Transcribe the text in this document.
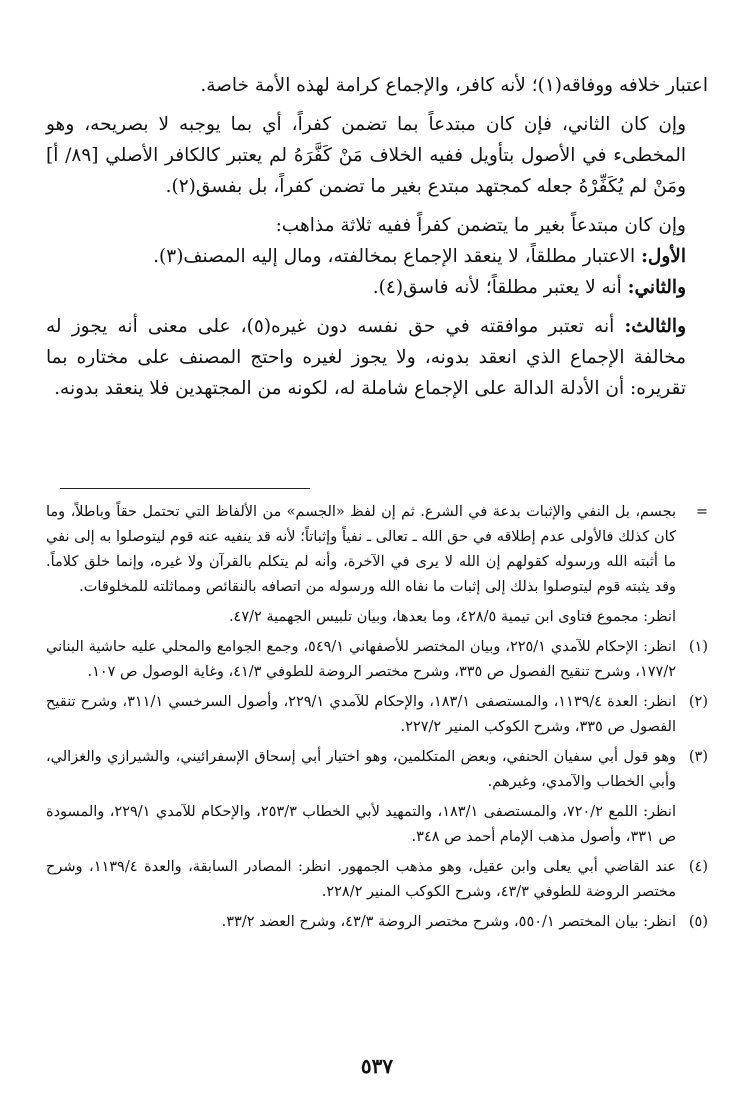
اعتبار خلافه ووفاقه(١)؛ لأنه كافر، والإجماع كرامة لهذه الأمة خاصة.

وإن كان الثاني، فإن كان مبتدعاً بما تضمن كفراً، أي بما يوجبه لا بصريحه، وهو المخطىء في الأصول بتأويل ففيه الخلاف مَنْ كَفَّرَهُ لم يعتبر كالكافر الأصلي [٨٩/ أ] ومَنْ لم يُكَفِّرْهُ جعله كمجتهد مبتدع بغير ما تضمن كفراً، بل بفسق(٢).

وإن كان مبتدعاً بغير ما يتضمن كفراً ففيه ثلاثة مذاهب:

الأول: الاعتبار مطلقاً، لا ينعقد الإجماع بمخالفته، ومال إليه المصنف(٣).

والثاني: أنه لا يعتبر مطلقاً؛ لأنه فاسق(٤).

والثالث: أنه تعتبر موافقته في حق نفسه دون غيره(٥)، على معنى أنه يجوز له مخالفة الإجماع الذي انعقد بدونه، ولا يجوز لغيره واحتج المصنف على مختاره بما تقريره: أن الأدلة الدالة على الإجماع شاملة له، لكونه من المجتهدين فلا ينعقد بدونه.

=

بجسم، بل النفي والإثبات بدعة في الشرع. ثم إن لفظ «الجسم» من الألفاظ التي تحتمل حقاً وباطلاً، وما كان كذلك فالأولى عدم إطلاقه في حق الله ـ تعالى ـ نفياً وإثباتاً؛ لأنه قد ينفيه عنه قوم ليتوصلوا به إلى نفي ما أثبته الله ورسوله كقولهم إن الله لا يرى في الآخرة، وأنه لم يتكلم بالقرآن ولا غيره، وإنما خلق كلاماً. وقد يثبته قوم ليتوصلوا بذلك إلى إثبات ما نفاه الله ورسوله من اتصافه بالنقائص ومماثلته للمخلوقات.

انظر: مجموع فتاوى ابن تيمية ٤٢٨/٥، وما بعدها، وبيان تلبيس الجهمية ٤٧/٢.

(١)

انظر: الإحكام للآمدي ٢٢٥/١، وبيان المختصر للأصفهاني ٥٤٩/١، وجمع الجوامع والمحلي عليه حاشية البناني ١٧٧/٢، وشرح تنقيح الفصول ص ٣٣٥، وشرح مختصر الروضة للطوفي ٤١/٣، وغاية الوصول ص ١٠٧.

(٢)

انظر: العدة ١١٣٩/٤، والمستصفى ١٨٣/١، والإحكام للآمدي ٢٢٩/١، وأصول السرخسي ٣١١/١، وشرح تنقيح الفصول ص ٣٣٥، وشرح الكوكب المنير ٢٢٧/٢.

(٣)

وهو قول أبي سفيان الحنفي، وبعض المتكلمين، وهو اختيار أبي إسحاق الإسفرائيني، والشيرازي والغزالي، وأبي الخطاب والآمدي، وغيرهم.

انظر: اللمع ٧٢٠/٢، والمستصفى ١٨٣/١، والتمهيد لأبي الخطاب ٢٥٣/٣، والإحكام للآمدي ٢٢٩/١، والمسودة ص ٣٣١، وأصول مذهب الإمام أحمد ص ٣٤٨.

(٤)

عند القاضي أبي يعلى وابن عقيل، وهو مذهب الجمهور. انظر: المصادر السابقة، والعدة ١١٣٩/٤، وشرح مختصر الروضة للطوفي ٤٣/٣، وشرح الكوكب المنير ٢٢٨/٢.

(٥)

انظر: بيان المختصر ٥٥٠/١، وشرح مختصر الروضة ٤٣/٣، وشرح العضد ٣٣/٢.

٥٣٧
